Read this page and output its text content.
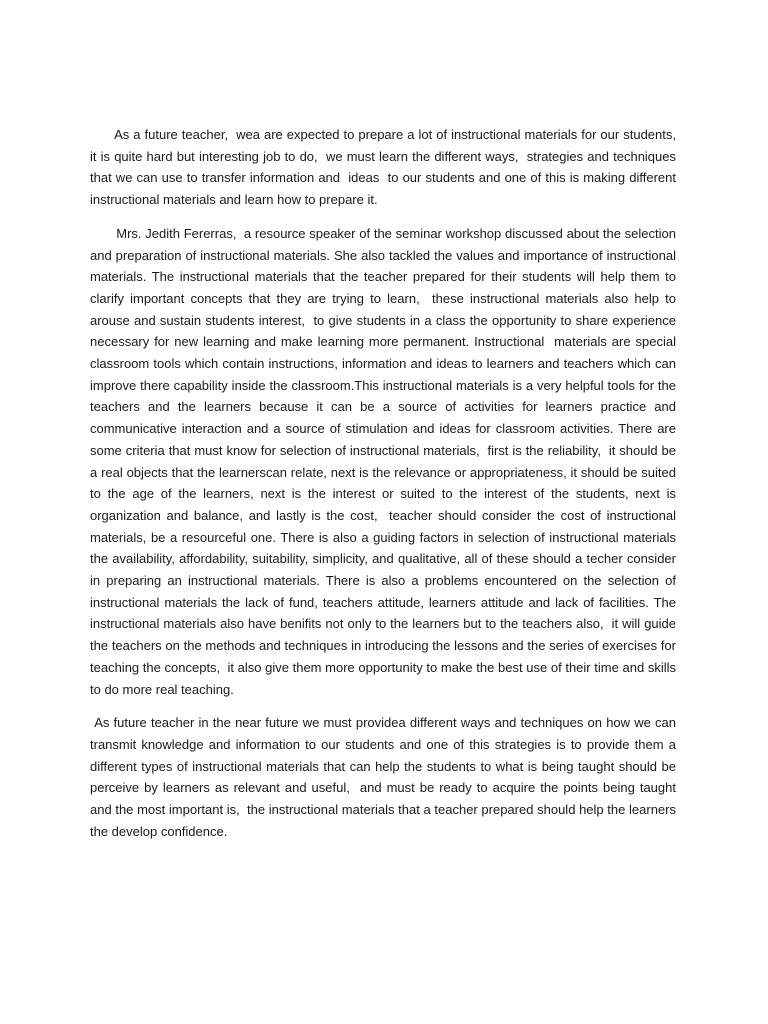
As a future teacher,  wea are expected to prepare a lot of instructional materials for our students, it is quite hard but interesting job to do,  we must learn the different ways,  strategies and techniques  that we can use to transfer information and  ideas  to our students and one of this is making different instructional materials and learn how to prepare it.

Mrs. Jedith Fererras,  a resource speaker of the seminar workshop discussed about the selection and preparation of instructional materials. She also tackled the values and importance of instructional materials. The instructional materials that the teacher prepared for their students will help them to clarify important concepts that they are trying to learn,  these instructional materials also help to arouse and sustain students interest,  to give students in a class the opportunity to share experience necessary for new learning and make learning more permanent. Instructional  materials are special classroom tools which contain instructions, information and ideas to learners and teachers which can improve there capability inside the classroom.This instructional materials is a very helpful tools for the teachers and the learners because it can be a source of activities for learners practice and communicative interaction and a source of stimulation and ideas for classroom activities. There are some criteria that must know for selection of instructional materials,  first is the reliability,  it should be a real objects that the learnerscan relate, next is the relevance or appropriateness, it should be suited to the age of the learners, next is the interest or suited to the interest of the students, next is organization and balance, and lastly is the cost,  teacher should consider the cost of instructional materials, be a resourceful one. There is also a guiding factors in selection of instructional materials  the availability, affordability, suitability, simplicity, and qualitative, all of these should a techer consider in preparing an instructional materials. There is also a problems encountered on the selection of instructional materials the lack of fund, teachers attitude, learners attitude and lack of facilities. The instructional materials also have benifits not only to the learners but to the teachers also,  it will guide the teachers on the methods and techniques in introducing the lessons and the series of exercises for teaching the concepts,  it also give them more opportunity to make the best use of their time and skills to do more real teaching.

As future teacher in the near future we must providea different ways and techniques on how we can transmit knowledge and information to our students and one of this strategies is to provide them a different types of instructional materials that can help the students to what is being taught should be perceive by learners as relevant and useful,  and must be ready to acquire the points being taught and the most important is,  the instructional materials that a teacher prepared should help the learners the develop confidence.
